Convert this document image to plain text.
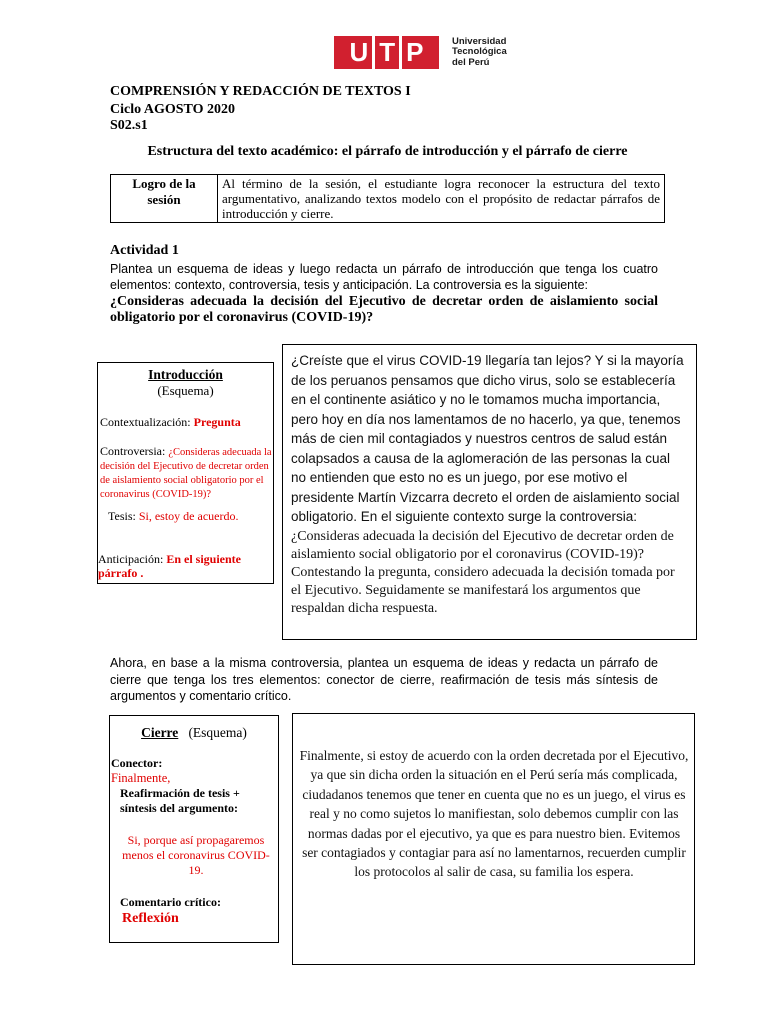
U T P	Universidad
Tecnológica
del Perú
COMPRENSIÓN Y REDACCIÓN DE TEXTOS I
Ciclo AGOSTO 2020
S02.s1
Estructura del texto académico: el párrafo de introducción y el párrafo de cierre
Logro de la sesión	Al término de la sesión, el estudiante logra reconocer la estructura del texto argumentativo, analizando textos modelo con el propósito de redactar párrafos de introducción y cierre.
Actividad 1
Plantea un esquema de ideas y luego redacta un párrafo de introducción que tenga los cuatro elementos: contexto, controversia, tesis y anticipación. La controversia es la siguiente:
¿Consideras adecuada la decisión del Ejecutivo de decretar orden de aislamiento social obligatorio por el coronavirus (COVID-19)?
Introducción
(Esquema)
Contextualización: Pregunta
Controversia: ¿Consideras adecuada la decisión del Ejecutivo de decretar orden de aislamiento social obligatorio por el coronavirus (COVID-19)?
Tesis: Si, estoy de acuerdo.
Anticipación: En el siguiente párrafo .
¿Creíste que el virus COVID-19 llegaría tan lejos? Y si la mayoría de los peruanos pensamos que dicho virus, solo se establecería en el continente asiático y no le tomamos mucha importancia, pero hoy en día nos lamentamos de no hacerlo, ya que, tenemos más de cien mil contagiados y nuestros centros de salud están colapsados a causa de la aglomeración de las personas la cual no entienden que esto no es un juego, por ese motivo el presidente Martín Vizcarra decreto el orden de aislamiento social obligatorio. En el siguiente contexto surge la controversia: ¿Consideras adecuada la decisión del Ejecutivo de decretar orden de aislamiento social obligatorio por el coronavirus (COVID-19)? Contestando la pregunta, considero adecuada la decisión tomada por el Ejecutivo. Seguidamente se manifestará los argumentos que respaldan dicha respuesta.
Ahora, en base a la misma controversia, plantea un esquema de ideas y redacta un párrafo de cierre que tenga los tres elementos: conector de cierre, reafirmación de tesis más síntesis de argumentos y comentario crítico.
Cierre (Esquema)
Conector:
Finalmente,
Reafirmación de tesis + síntesis del argumento:
Si, porque así propagaremos menos el coronavirus COVID-19.
Comentario crítico:
Reflexión
Finalmente, si estoy de acuerdo con la orden decretada por el Ejecutivo, ya que sin dicha orden la situación en el Perú sería más complicada, ciudadanos tenemos que tener en cuenta que no es un juego, el virus es real y no como sujetos lo manifiestan, solo debemos cumplir con las normas dadas por el ejecutivo, ya que es para nuestro bien. Evitemos ser contagiados y contagiar para así no lamentarnos, recuerden cumplir los protocolos al salir de casa, su familia los espera.
